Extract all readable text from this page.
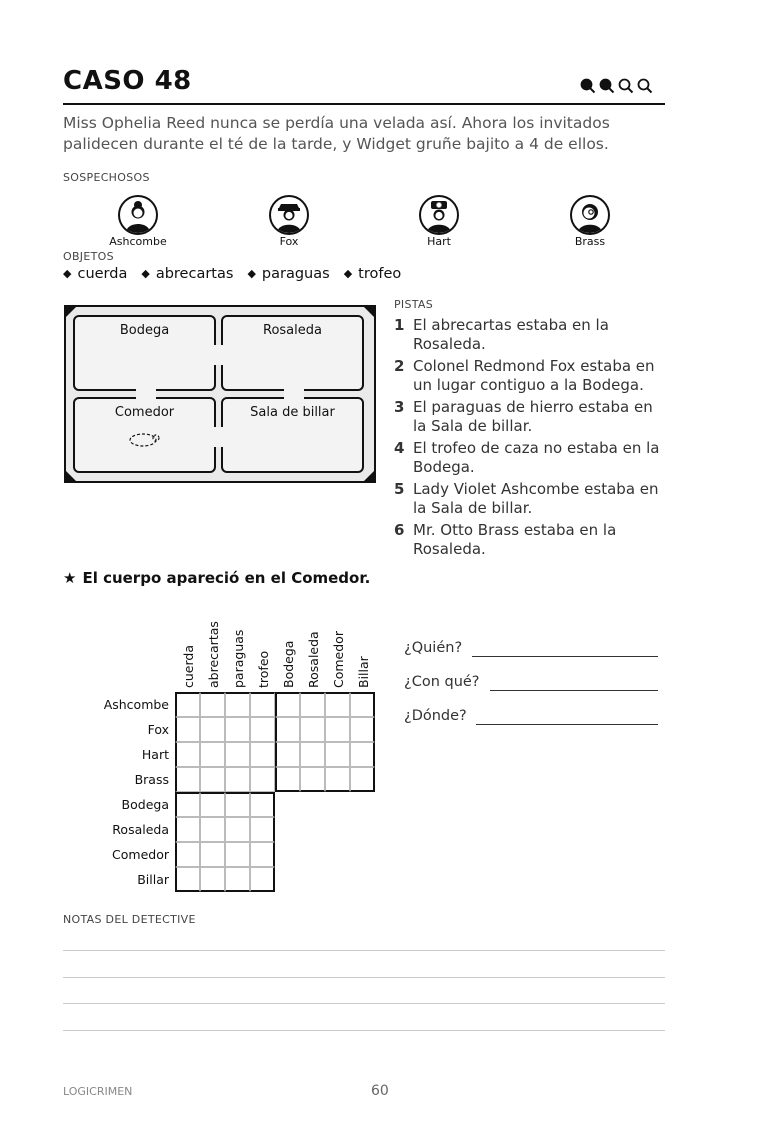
CASO 48
Miss Ophelia Reed nunca se perdía una velada así. Ahora los invitados palidecen durante el té de la tarde, y Widget gruñe bajito a 4 de ellos.
SOSPECHOSOS
Ashcombe	Fox	Hart	Brass
OBJETOS
◆ cuerda	◆ abrecartas	◆ paraguas	◆ trofeo
Bodega	Rosaleda
Comedor	Sala de billar
PISTAS
1 El abrecartas estaba en la Rosaleda.
2 Colonel Redmond Fox estaba en un lugar contiguo a la Bodega.
3 El paraguas de hierro estaba en la Sala de billar.
4 El trofeo de caza no estaba en la Bodega.
5 Lady Violet Ashcombe estaba en la Sala de billar.
6 Mr. Otto Brass estaba en la Rosaleda.
★ El cuerpo apareció en el Comedor.
cuerda abrecartas paraguas trofeo Bodega Rosaleda Comedor Billar
Ashcombe
Fox
Hart
Brass
Bodega
Rosaleda
Comedor
Billar
¿Quién?
¿Con qué?
¿Dónde?
NOTAS DEL DETECTIVE
LOGICRIMEN	60
